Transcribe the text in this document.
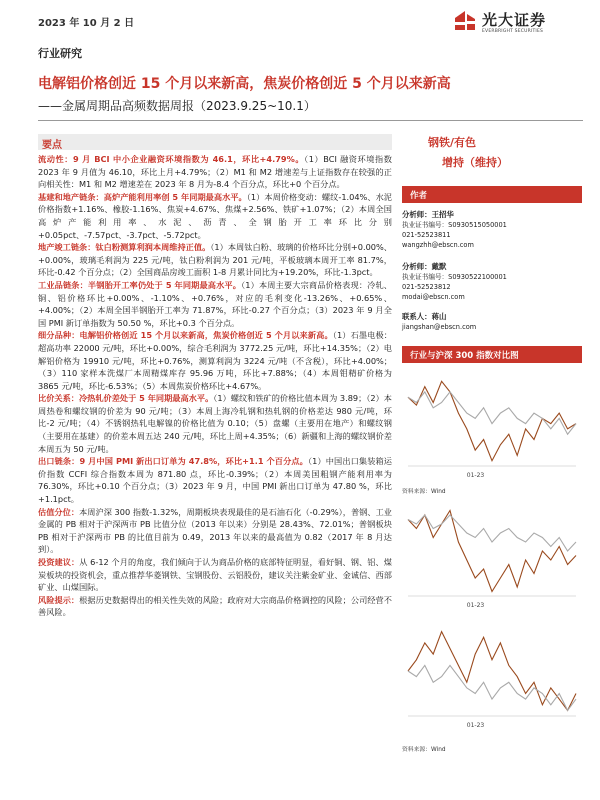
2023 年 10 月 2 日	光大证券
EVERBRIGHT SECURITIES
行业研究
电解铝价格创近 15 个月以来新高，焦炭价格创近 5 个月以来新高
——金属周期品高频数据周报（2023.9.25~10.1）
要点
流动性：9 月 BCI 中小企业融资环境指数为 46.1，环比+4.79%。（1）BCI 融资环境指数 2023 年 9 月值为 46.10，环比上月+4.79%；（2）M1 和 M2 增速差与上证指数存在较强的正向相关性：M1 和 M2 增速差在 2023 年 8 月为-8.4 个百分点，环比+0 个百分点。
基建和地产链条：高炉产能利用率创 5 年同期最高水平。（1）本周价格变动：螺纹-1.04%、水泥价格指数+1.16%、橡胶-1.16%、焦炭+4.67%、焦煤+2.56%、铁矿+1.07%；（2）本周全国高炉产能利用率、水泥、沥青、全钢胎开工率环比分别+0.05pct、-7.57pct、-3.7pct、-5.72pct。
地产竣工链条：钛白粉测算利润本周维持正值。（1）本周钛白粉、玻璃的价格环比分别+0.00%、+0.00%，玻璃毛利润为 225 元/吨，钛白粉利润为 201 元/吨，平板玻璃本周开工率 81.7%，环比-0.42 个百分点；（2）全国商品房竣工面积 1-8 月累计同比为+19.20%，环比-1.3pct。
工业品链条：半钢胎开工率仍处于 5 年同期最高水平。（1）本周主要大宗商品价格表现：冷轧、铜、铝价格环比+0.00%、-1.10%、+0.76%，对应的毛利变化-13.26%、+0.65%、+4.00%；（2）本周全国半钢胎开工率为 71.87%，环比-0.27 个百分点；（3）2023 年 9 月全国 PMI 新订单指数为 50.50 %，环比+0.3 个百分点。
细分品种：电解铝价格创近 15 个月以来新高，焦炭价格创近 5 个月以来新高。（1）石墨电极：超高功率 22000 元/吨，环比+0.00%，综合毛利润为 3772.25 元/吨，环比+14.35%；（2）电解铝价格为 19910 元/吨，环比+0.76%，测算利润为 3224 元/吨（不含税），环比+4.00%；（3）110 家样本洗煤厂本周精煤库存 95.96 万吨，环比+7.88%；（4）本周钼精矿价格为 3865 元/吨，环比-6.53%；（5）本周焦炭价格环比+4.67%。
比价关系：冷热轧价差处于 5 年同期最高水平。（1）螺纹和铁矿的价格比值本周为 3.89；（2）本周热卷和螺纹钢的价差为 90 元/吨；（3）本周上海冷轧钢和热轧钢的价格差达 980 元/吨，环比-2 元/吨；（4）不锈钢热轧电解镍的价格比值为 0.10；（5）盘螺（主要用在地产）和螺纹钢（主要用在基建）的价差本周五达 240 元/吨，环比上周+4.35%；（6）新疆和上海的螺纹钢价差本周五为 50 元/吨。
出口链条：9 月中国 PMI 新出口订单为 47.8%，环比+1.1 个百分点。（1）中国出口集装箱运价指数 CCFI 综合指数本周为 871.80 点，环比-0.39%；（2）本周美国粗钢产能利用率为 76.30%，环比+0.10 个百分点；（3）2023 年 9 月，中国 PMI 新出口订单为 47.80 %，环比+1.1pct。
估值分位：本周沪深 300 指数-1.32%，周期板块表现最佳的是石油石化（-0.29%），普钢、工业金属的 PB 相对于沪深两市 PB 比值分位（2013 年以来）分别是 28.43%、72.01%；普钢板块 PB 相对于沪深两市 PB 的比值目前为 0.49，2013 年以来的最高值为 0.82（2017 年 8 月达到）。
投资建议：从 6-12 个月的角度，我们倾向于认为商品价格的底部特征明显，看好铜、钢、铝、煤炭板块的投资机会，重点推荐华菱钢铁、宝钢股份、云铝股份，建议关注紫金矿业、金诚信、西部矿业、山煤国际。
风险提示：根据历史数据得出的相关性失效的风险；政府对大宗商品价格调控的风险；公司经营不善风险。
钢铁/有色
增持（维持）
作者
分析师：王招华
执业证书编号：S0930515050001
021-52523811
wangzhh@ebscn.com
分析师：戴默
执业证书编号：S0930522100001
021-52523812
modai@ebscn.com
联系人：蒋山
jiangshan@ebscn.com
行业与沪深 300 指数对比图
01-23
资料来源：Wind
01-23
01-23
资料来源：Wind
